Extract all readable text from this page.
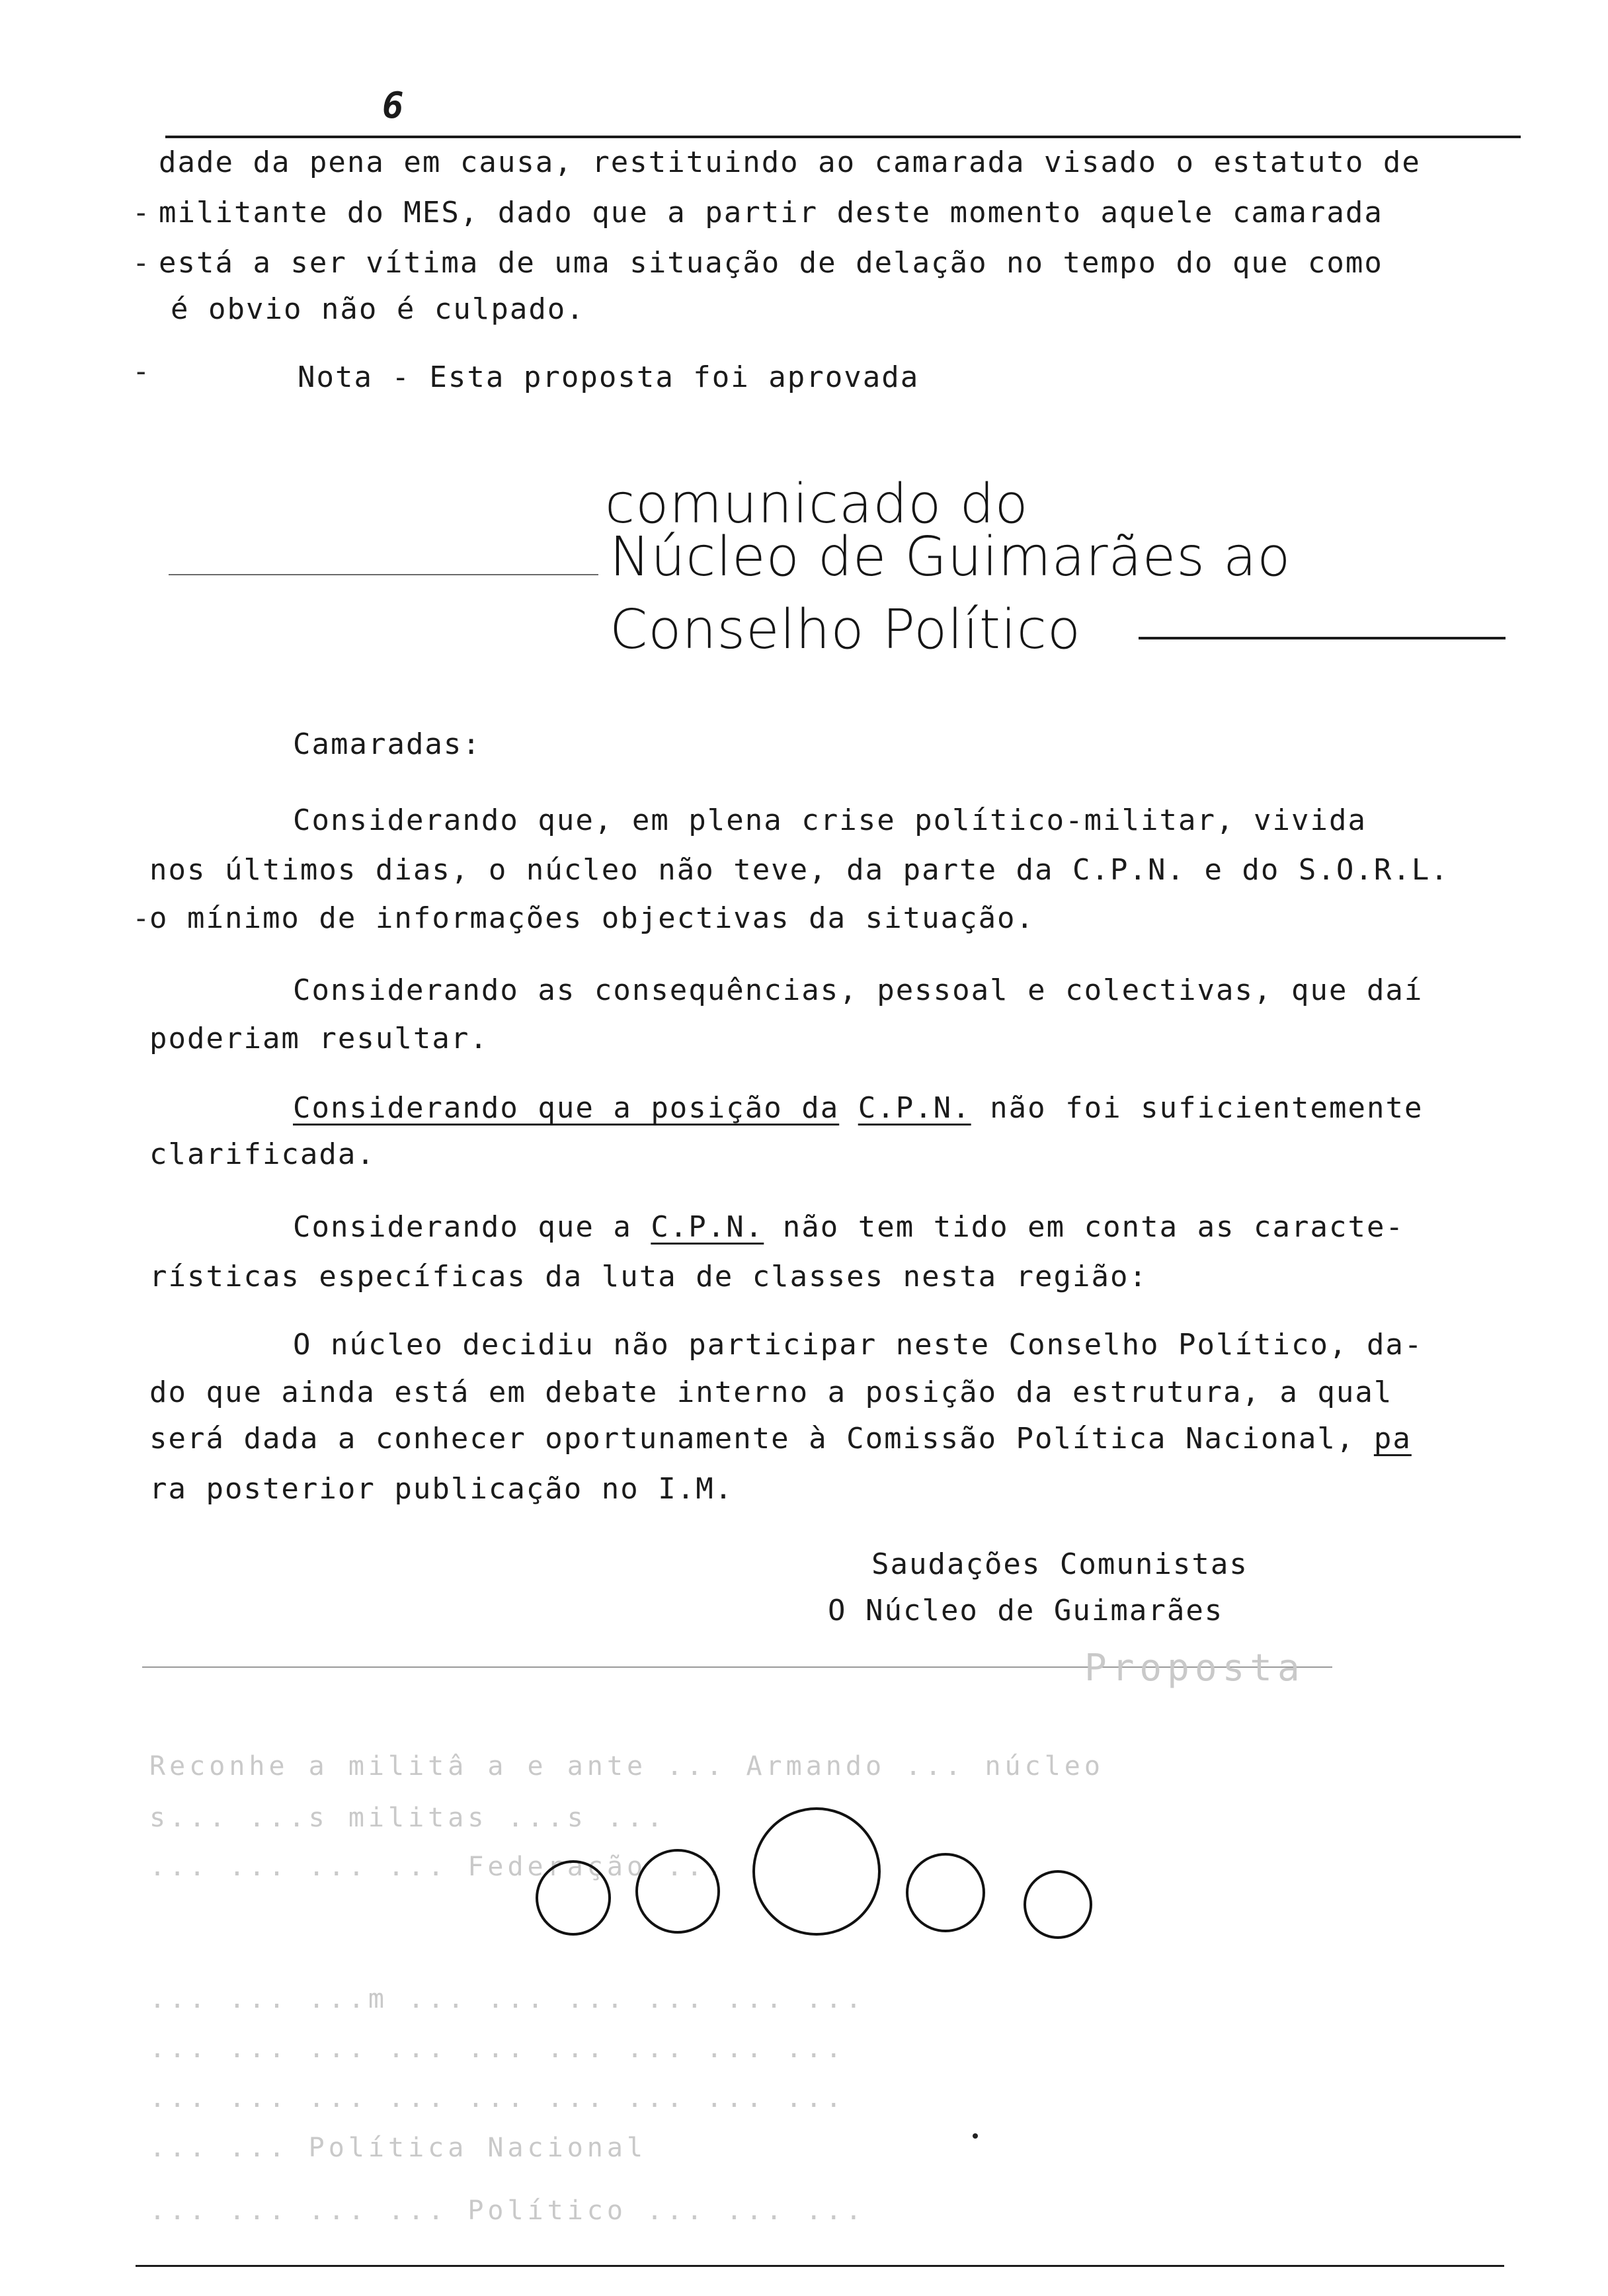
6
dade da pena em causa, restituindo ao camarada visado o estatuto de
- militante do MES, dado que a partir deste momento aquele camarada
- está a ser vítima de uma situação de delação no tempo do que como
é obvio não é culpado.
-	Nota - Esta proposta foi aprovada
comunicado do
Núcleo de Guimarães ao
Conselho Político
Camaradas:
Considerando que, em plena crise político-militar, vivida
nos últimos dias, o núcleo não teve, da parte da C.P.N. e do S.O.R.L.
-
o mínimo de informações objectivas da situação.
Considerando as consequências, pessoal e colectivas, que daí
poderiam resultar.
Considerando que a posição da C.P.N. não foi suficientemente
clarificada.
Considerando que a C.P.N. não tem tido em conta as caracte-
rísticas específicas da luta de classes nesta região:
O núcleo decidiu não participar neste Conselho Político, da-
do que ainda está em debate interno a posição da estrutura, a qual
será dada a conhecer oportunamente à Comissão Política Nacional, pa
ra posterior publicação no I.M.
Saudações Comunistas
O Núcleo de Guimarães
Proposta
Reconhe a militâ a e ante ... Armando ... núcleo
s... ...s militas ...s ...
... ... ... ... Federação ...
... ... ...m ... ... ... ... ... ...
... ... ... ... ... ... ... ... ...
... ... ... ... ... ... ... ... ...
... ... Política Nacional
... ... ... ... Político ... ... ...
